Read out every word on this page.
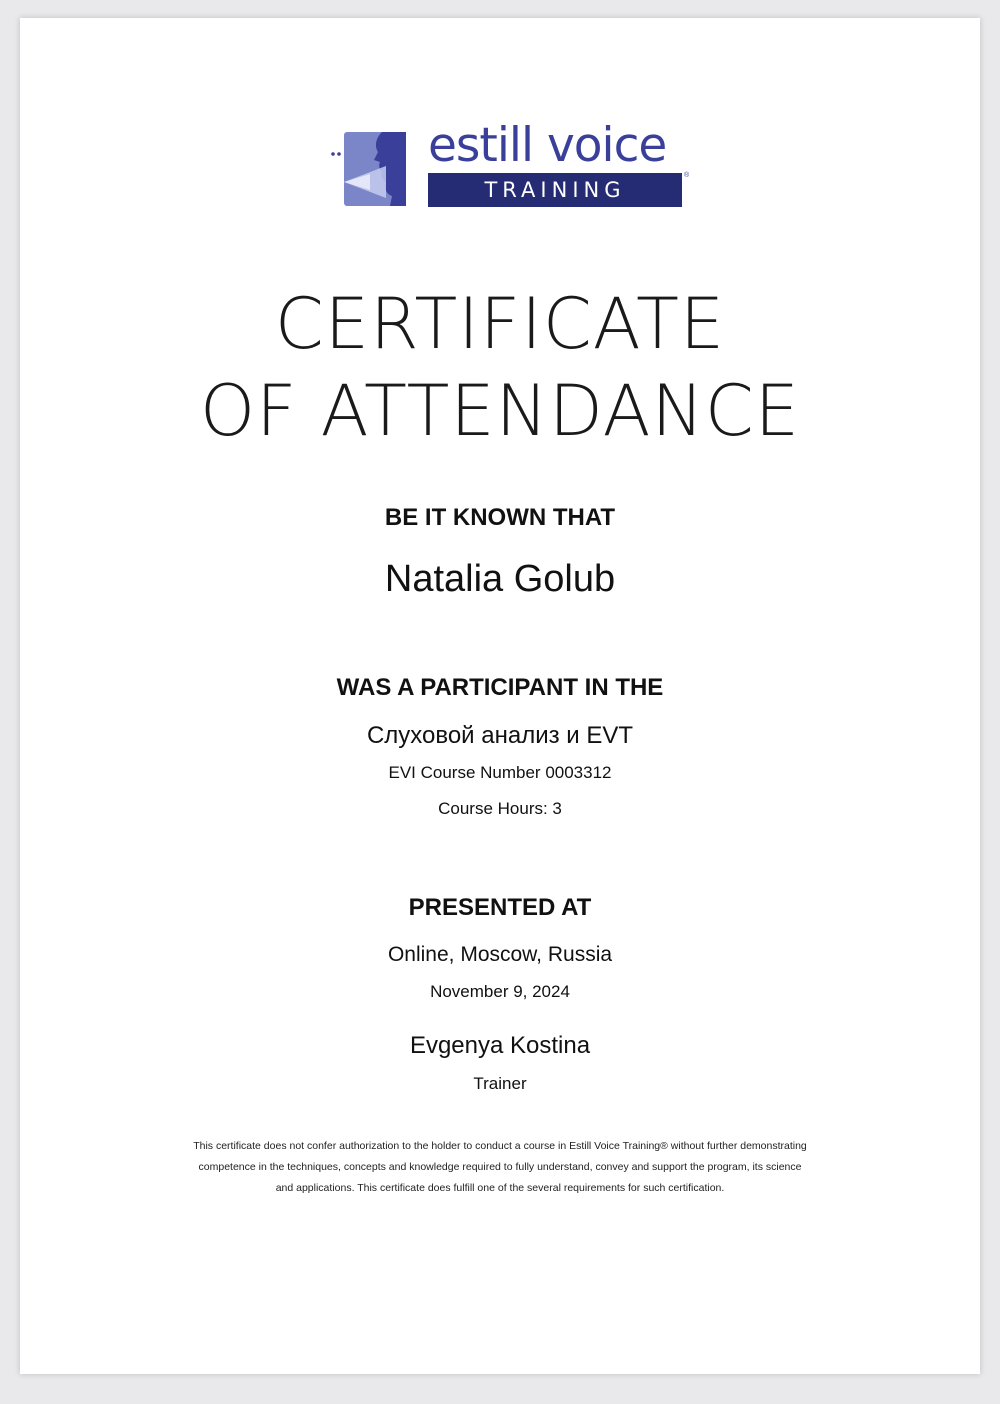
estill voice
TRAINING
®
CERTIFICATE
OF ATTENDANCE
BE IT KNOWN THAT
Natalia Golub
WAS A PARTICIPANT IN THE
Слуховой анализ и EVT
EVI Course Number 0003312
Course Hours: 3
PRESENTED AT
Online, Moscow, Russia
November 9, 2024
Evgenya Kostina
Trainer
This certificate does not confer authorization to the holder to conduct a course in Estill Voice Training® without further demonstrating competence in the techniques, concepts and knowledge required to fully understand, convey and support the program, its science and applications. This certificate does fulfill one of the several requirements for such certification.
